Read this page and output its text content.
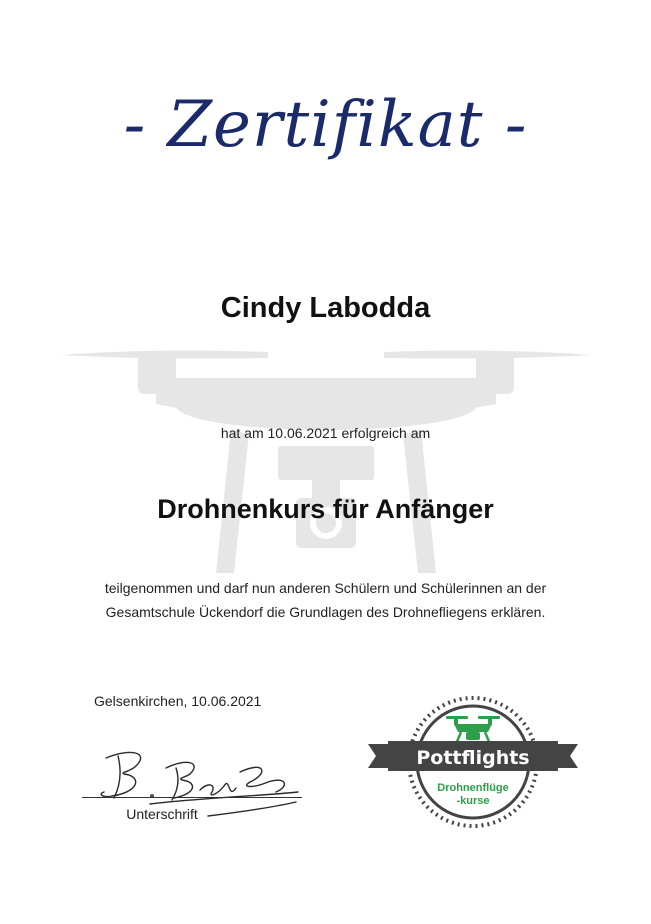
- Zertifikat -
Cindy Labodda
hat am 10.06.2021 erfolgreich am
Drohnenkurs für Anfänger
teilgenommen und darf nun anderen Schülern und Schülerinnen an der
Gesamtschule Ückendorf die Grundlagen des Drohnefliegens erklären.
Gelsenkirchen, 10.06.2021
Unterschrift
Pottflights
Drohnenflüge
-kurse
